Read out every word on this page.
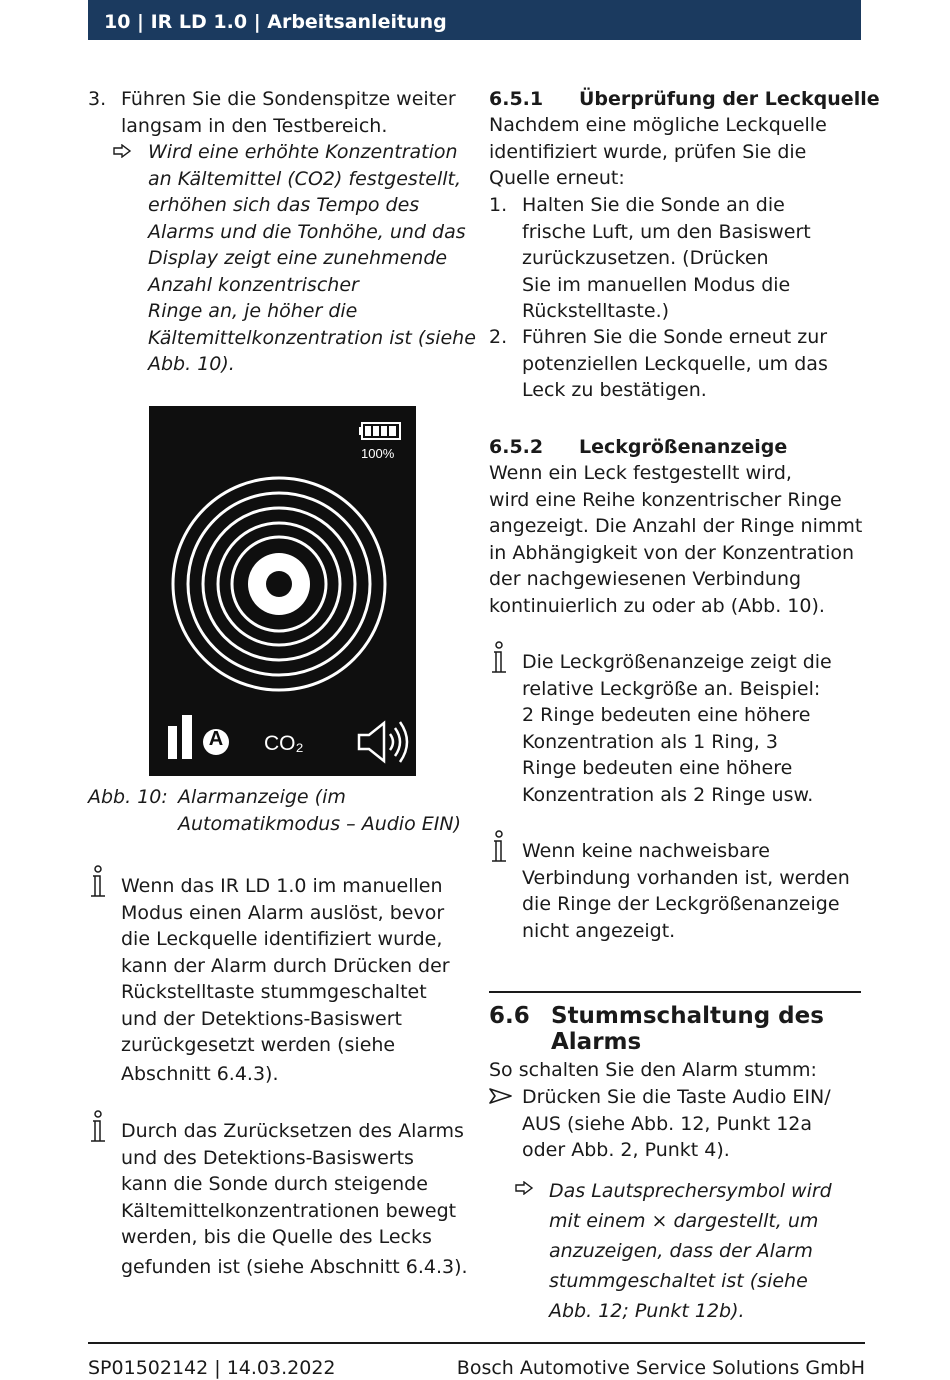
10 | IR LD 1.0 | Arbeitsanleitung
3. Führen Sie die Sondenspitze weiter
langsam in den Testbereich.
Wird eine erhöhte Konzentration
an Kältemittel (CO2) festgestellt,
erhöhen sich das Tempo des
Alarms und die Tonhöhe, und das
Display zeigt eine zunehmende
Anzahl konzentrischer
Ringe an, je höher die
Kältemittelkonzentration ist (siehe
Abb. 10).
100%
A CO₂
Abb. 10: Alarmanzeige (im
Automatikmodus – Audio EIN)
Wenn das IR LD 1.0 im manuellen
Modus einen Alarm auslöst, bevor
die Leckquelle identifiziert wurde,
kann der Alarm durch Drücken der
Rückstelltaste stummgeschaltet
und der Detektions-Basiswert
zurückgesetzt werden (siehe
Abschnitt 6.4.3).
Durch das Zurücksetzen des Alarms
und des Detektions-Basiswerts
kann die Sonde durch steigende
Kältemittelkonzentrationen bewegt
werden, bis die Quelle des Lecks
gefunden ist (siehe Abschnitt 6.4.3).
6.5.1 Überprüfung der Leckquelle
Nachdem eine mögliche Leckquelle
identifiziert wurde, prüfen Sie die
Quelle erneut:
1. Halten Sie die Sonde an die
frische Luft, um den Basiswert
zurückzusetzen. (Drücken
Sie im manuellen Modus die
Rückstelltaste.)
2. Führen Sie die Sonde erneut zur
potenziellen Leckquelle, um das
Leck zu bestätigen.
6.5.2 Leckgrößenanzeige
Wenn ein Leck festgestellt wird,
wird eine Reihe konzentrischer Ringe
angezeigt. Die Anzahl der Ringe nimmt
in Abhängigkeit von der Konzentration
der nachgewiesenen Verbindung
kontinuierlich zu oder ab (Abb. 10).
Die Leckgrößenanzeige zeigt die
relative Leckgröße an. Beispiel:
2 Ringe bedeuten eine höhere
Konzentration als 1 Ring, 3
Ringe bedeuten eine höhere
Konzentration als 2 Ringe usw.
Wenn keine nachweisbare
Verbindung vorhanden ist, werden
die Ringe der Leckgrößenanzeige
nicht angezeigt.
6.6 Stummschaltung des
Alarms
So schalten Sie den Alarm stumm:
Drücken Sie die Taste Audio EIN/
AUS (siehe Abb. 12, Punkt 12a
oder Abb. 2, Punkt 4).
Das Lautsprechersymbol wird
mit einem × dargestellt, um
anzuzeigen, dass der Alarm
stummgeschaltet ist (siehe
Abb. 12; Punkt 12b).
SP01502142 | 14.03.2022	Bosch Automotive Service Solutions GmbH
